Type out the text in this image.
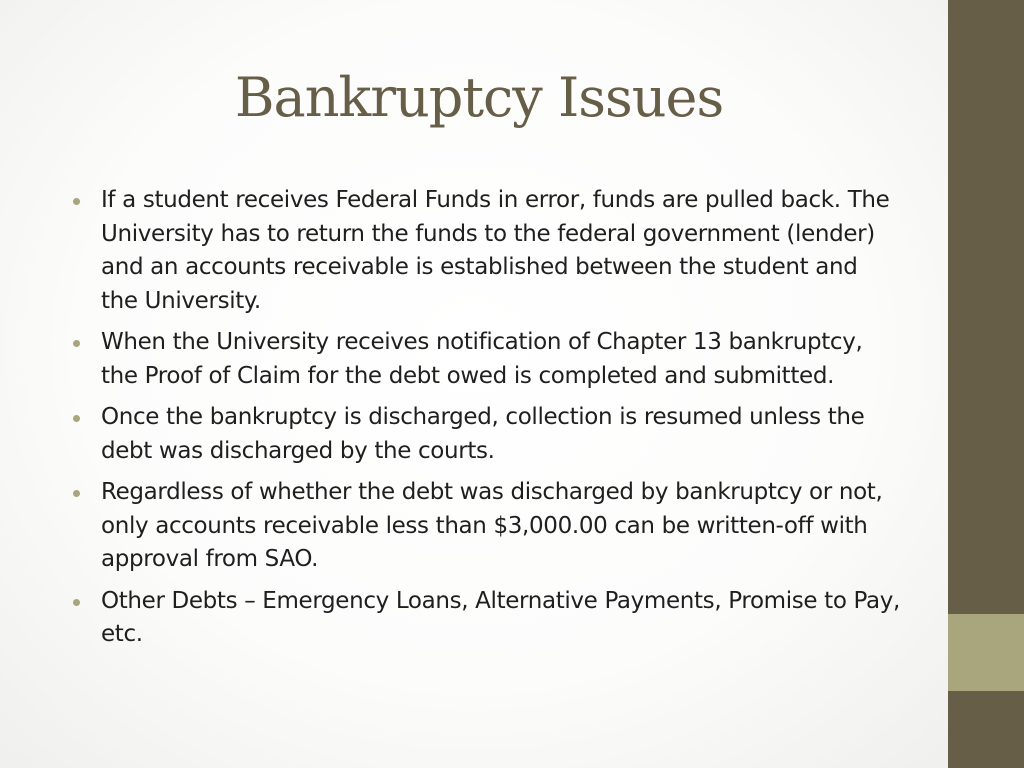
Bankruptcy Issues
If a student receives Federal Funds in error, funds are pulled back. The University has to return the funds to the federal government (lender) and an accounts receivable is established between the student and the University.
When the University receives notification of Chapter 13 bankruptcy, the Proof of Claim for the debt owed is completed and submitted.
Once the bankruptcy is discharged, collection is resumed unless the debt was discharged by the courts.
Regardless of whether the debt was discharged by bankruptcy or not, only accounts receivable less than $3,000.00 can be written-off with approval from SAO.
Other Debts – Emergency Loans, Alternative Payments, Promise to Pay, etc.
